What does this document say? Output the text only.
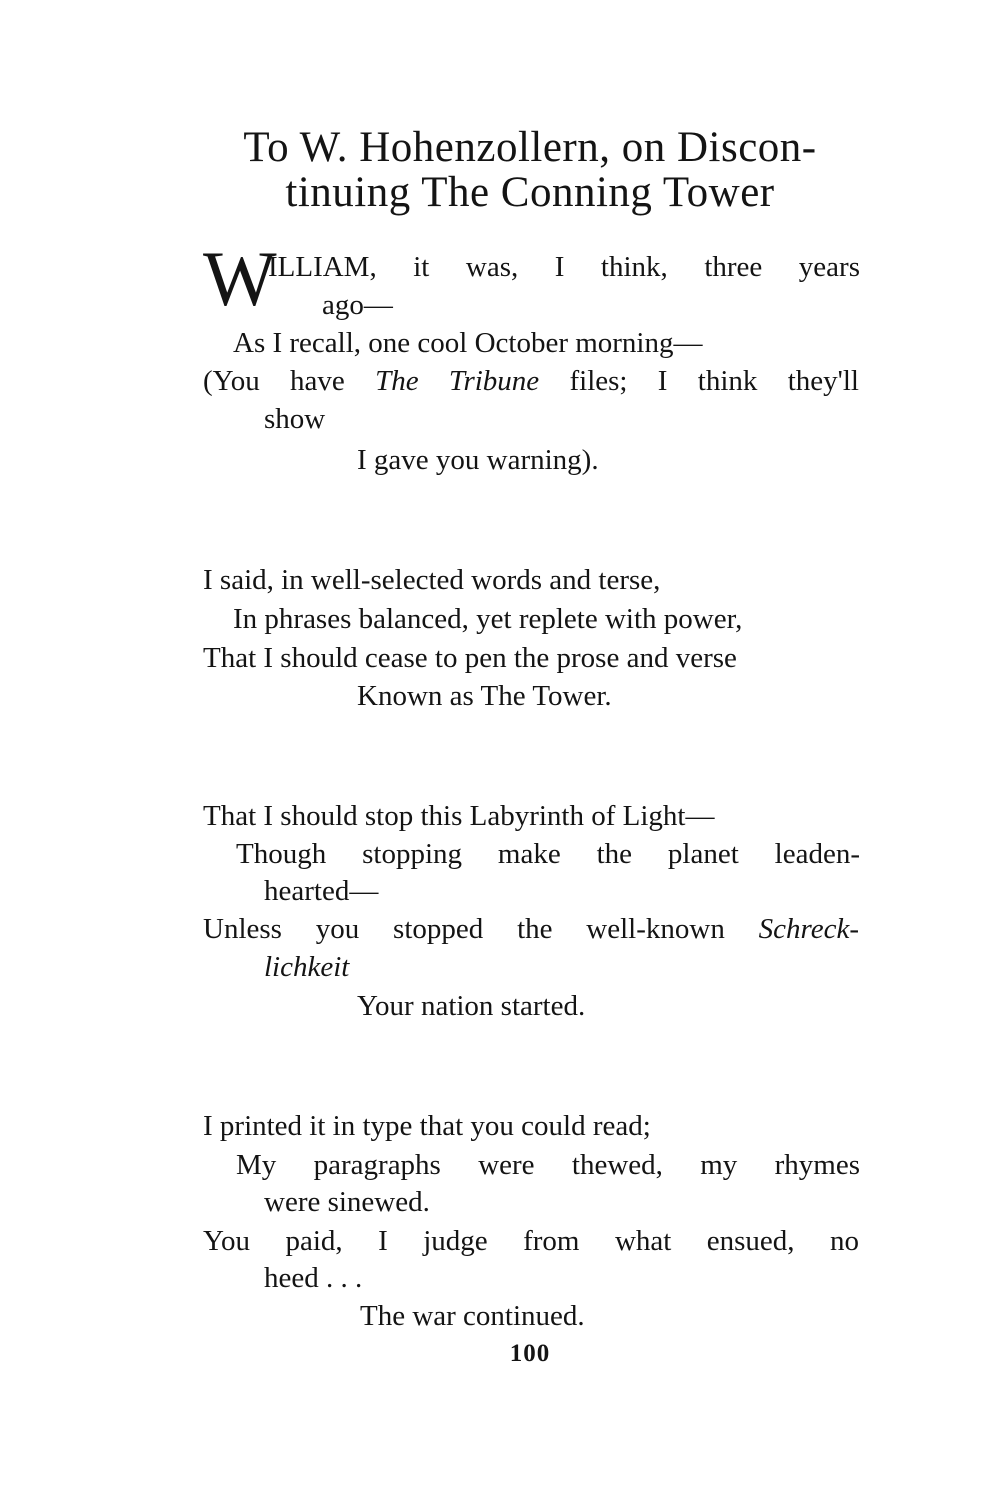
To W. Hohenzollern, on Discon-
tinuing The Conning Tower
W

ILLIAM, it was, I think, three years

ago—

As I recall, one cool October morning—

(You have The Tribune files; I think they'll

show

I gave you warning).

I said, in well-selected words and terse,

In phrases balanced, yet replete with power,

That I should cease to pen the prose and verse

Known as The Tower.

That I should stop this Labyrinth of Light—

Though stopping make the planet leaden-

hearted—

Unless you stopped the well-known Schreck-

lichkeit

Your nation started.

I printed it in type that you could read;

My paragraphs were thewed, my rhymes

were sinewed.

You paid, I judge from what ensued, no

heed . . .

The war continued.

100
